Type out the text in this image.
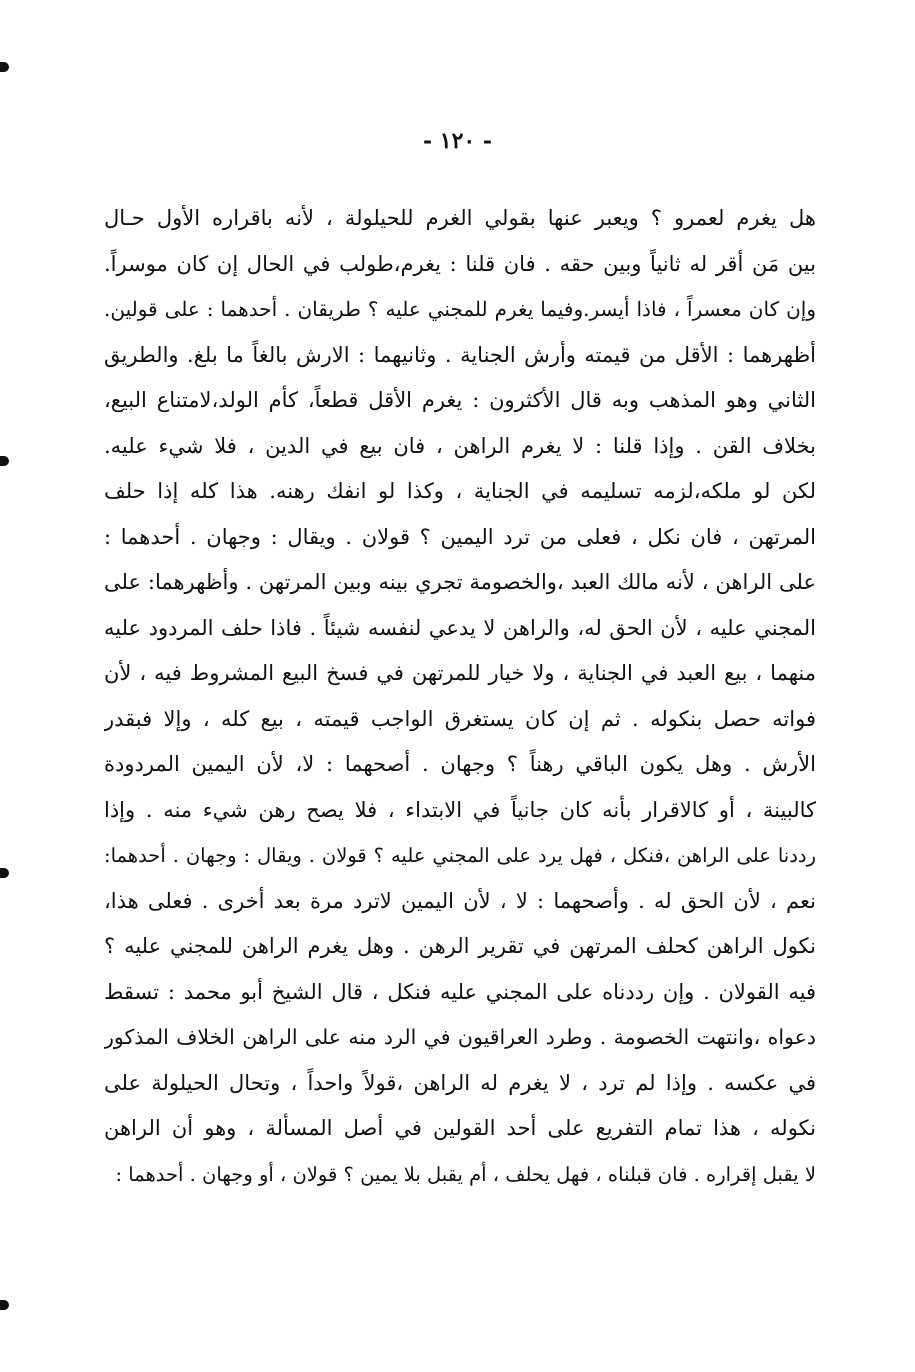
- ١٢٠ -
هل يغرم لعمرو ؟ ويعبر عنها بقولي الغرم للحيلولة ، لأنه باقراره الأول حـال
بين مَن أقر له ثانياً وبين حقه . فان قلنا : يغرم،طولب في الحال إن كان موسراً.
وإن كان معسراً ، فاذا أيسر.وفيما يغرم للمجني عليه ؟ طريقان . أحدهما : على قولين.
أظهرهما : الأقل من قيمته وأرش الجناية . وثانيهما : الارش بالغاً ما بلغ. والطريق
الثاني وهو المذهب وبه قال الأكثرون : يغرم الأقل قطعاً، كأم الولد،لامتناع البيع،
بخلاف القن . وإذا قلنا : لا يغرم الراهن ، فان بيع في الدين ، فلا شيء عليه.
لكن لو ملكه،لزمه تسليمه في الجناية ، وكذا لو انفك رهنه. هذا كله إذا حلف
المرتهن ، فان نكل ، فعلى من ترد اليمين ؟ قولان . ويقال : وجهان . أحدهما :
على الراهن ، لأنه مالك العبد ،والخصومة تجري بينه وبين المرتهن . وأظهرهما: على
المجني عليه ، لأن الحق له، والراهن لا يدعي لنفسه شيئاً . فاذا حلف المردود عليه
منهما ، بيع العبد في الجناية ، ولا خيار للمرتهن في فسخ البيع المشروط فيه ، لأن
فواته حصل بنكوله . ثم إن كان يستغرق الواجب قيمته ، بيع كله ، وإلا فبقدر
الأرش . وهل يكون الباقي رهناً ؟ وجهان . أصحهما : لا، لأن اليمين المردودة
كالبينة ، أو كالاقرار بأنه كان جانياً في الابتداء ، فلا يصح رهن شيء منه . وإذا
رددنا على الراهن ،فنكل ، فهل يرد على المجني عليه ؟ قولان . ويقال : وجهان . أحدهما:
نعم ، لأن الحق له . وأصحهما : لا ، لأن اليمين لاترد مرة بعد أخرى . فعلى هذا،
نكول الراهن كحلف المرتهن في تقرير الرهن . وهل يغرم الراهن للمجني عليه ؟
فيه القولان . وإن رددناه على المجني عليه فنكل ، قال الشيخ أبو محمد : تسقط
دعواه ،وانتهت الخصومة . وطرد العراقيون في الرد منه على الراهن الخلاف المذكور
في عكسه . وإذا لم ترد ، لا يغرم له الراهن ،قولاً واحداً ، وتحال الحيلولة على
نكوله ، هذا تمام التفريع على أحد القولين في أصل المسألة ، وهو أن الراهن
لا يقبل إقراره . فان قبلناه ، فهل يحلف ، أم يقبل بلا يمين ؟ قولان ، أو وجهان . أحدهما :
